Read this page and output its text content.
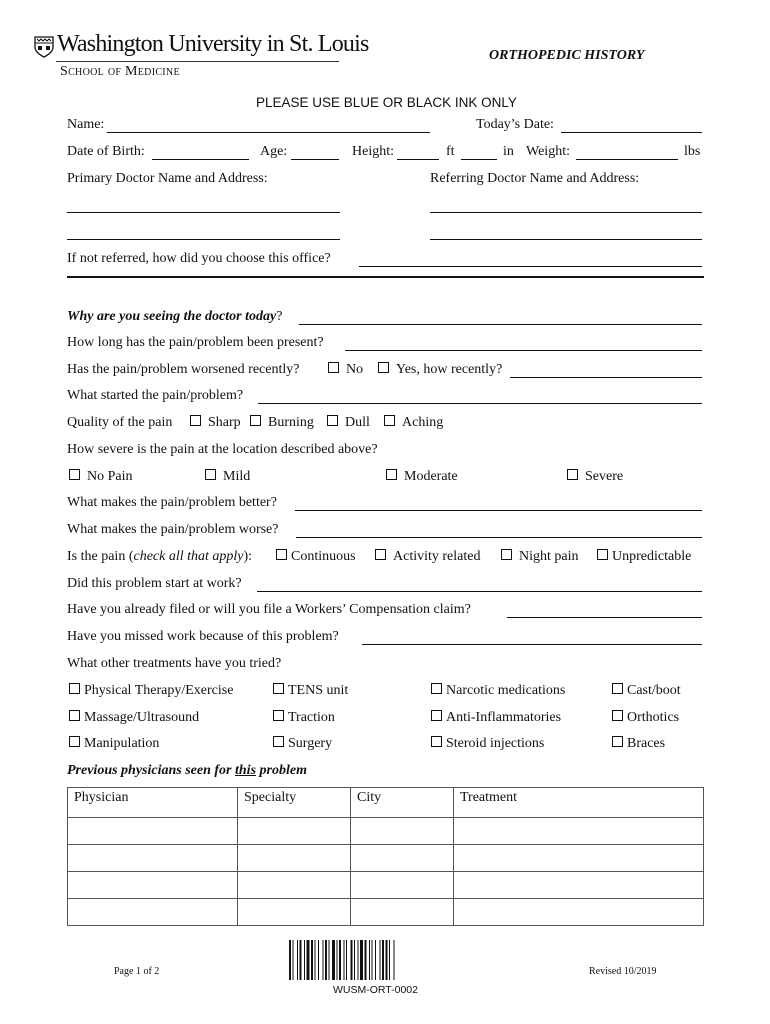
Washington University in St. Louis
School of Medicine
ORTHOPEDIC HISTORY
PLEASE USE BLUE OR BLACK INK ONLY
Name:	Today’s Date:
Date of Birth:	Age:	Height:	ft	in Weight:	lbs
Primary Doctor Name and Address:	Referring Doctor Name and Address:
If not referred, how did you choose this office?
Why are you seeing the doctor today?
How long has the pain/problem been present?
Has the pain/problem worsened recently?	No	Yes, how recently?
What started the pain/problem?
Quality of the pain	Sharp	Burning	Dull	Aching
How severe is the pain at the location described above?
No Pain	Mild	Moderate	Severe
What makes the pain/problem better?
What makes the pain/problem worse?
Is the pain (check all that apply):	Continuous	Activity related	Night pain	Unpredictable
Did this problem start at work?
Have you already filed or will you file a Workers’ Compensation claim?
Have you missed work because of this problem?
What other treatments have you tried?
Physical Therapy/Exercise	TENS unit	Narcotic medications	Cast/boot
Massage/Ultrasound	Traction	Anti-Inflammatories	Orthotics
Manipulation	Surgery	Steroid injections	Braces
Previous physicians seen for this problem
Physician	Specialty	City	Treatment

Page 1 of 2
WUSM-ORT-0002
Revised 10/2019
